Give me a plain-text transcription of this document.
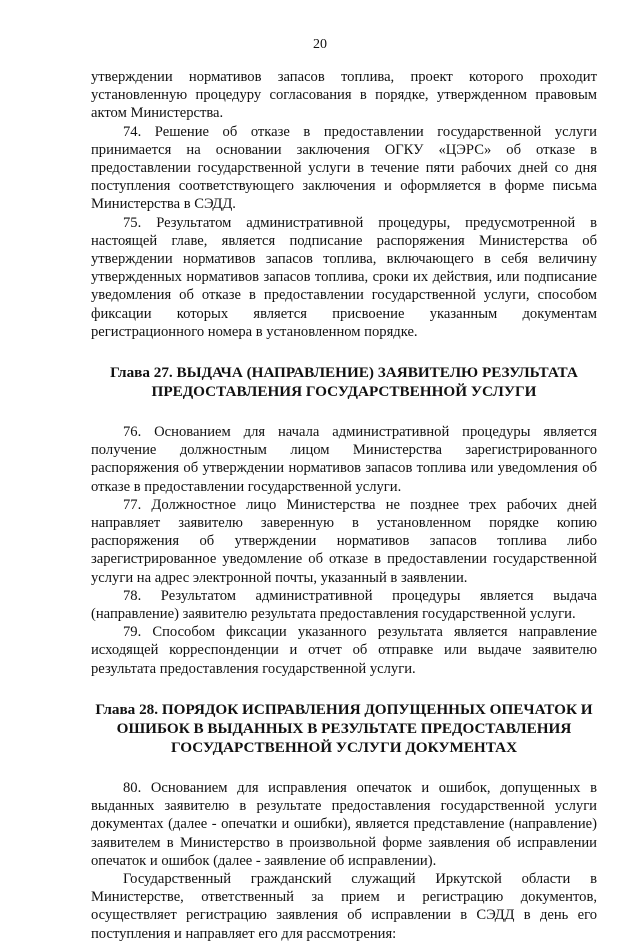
20

утверждении нормативов запасов топлива, проект которого проходит установленную процедуру согласования в порядке, утвержденном правовым актом Министерства.

74. Решение об отказе в предоставлении государственной услуги принимается на основании заключения ОГКУ «ЦЭРС» об отказе в предоставлении государственной услуги в течение пяти рабочих дней со дня поступления соответствующего заключения и оформляется в форме письма Министерства в СЭДД.

75. Результатом административной процедуры, предусмотренной в настоящей главе, является подписание распоряжения Министерства об утверждении нормативов запасов топлива, включающего в себя величину утвержденных нормативов запасов топлива, сроки их действия, или подписание уведомления об отказе в предоставлении государственной услуги, способом фиксации которых является присвоение указанным документам регистрационного номера в установленном порядке.

Глава 27. ВЫДАЧА (НАПРАВЛЕНИЕ) ЗАЯВИТЕЛЮ РЕЗУЛЬТАТА ПРЕДОСТАВЛЕНИЯ ГОСУДАРСТВЕННОЙ УСЛУГИ

76. Основанием для начала административной процедуры является получение должностным лицом Министерства зарегистрированного распоряжения об утверждении нормативов запасов топлива или уведомления об отказе в предоставлении государственной услуги.

77. Должностное лицо Министерства не позднее трех рабочих дней направляет заявителю заверенную в установленном порядке копию распоряжения об утверждении нормативов запасов топлива либо зарегистрированное уведомление об отказе в предоставлении государственной услуги на адрес электронной почты, указанный в заявлении.

78. Результатом административной процедуры является выдача (направление) заявителю результата предоставления государственной услуги.

79. Способом фиксации указанного результата является направление исходящей корреспонденции и отчет об отправке или выдаче заявителю результата предоставления государственной услуги.

Глава 28. ПОРЯДОК ИСПРАВЛЕНИЯ ДОПУЩЕННЫХ ОПЕЧАТОК И ОШИБОК В ВЫДАННЫХ В РЕЗУЛЬТАТЕ ПРЕДОСТАВЛЕНИЯ ГОСУДАРСТВЕННОЙ УСЛУГИ ДОКУМЕНТАХ

80. Основанием для исправления опечаток и ошибок, допущенных в выданных заявителю в результате предоставления государственной услуги документах (далее - опечатки и ошибки), является представление (направление) заявителем в Министерство в произвольной форме заявления об исправлении опечаток и ошибок (далее - заявление об исправлении).

Государственный гражданский служащий Иркутской области в Министерстве, ответственный за прием и регистрацию документов, осуществляет регистрацию заявления об исправлении в СЭДД в день его поступления и направляет его для рассмотрения:
